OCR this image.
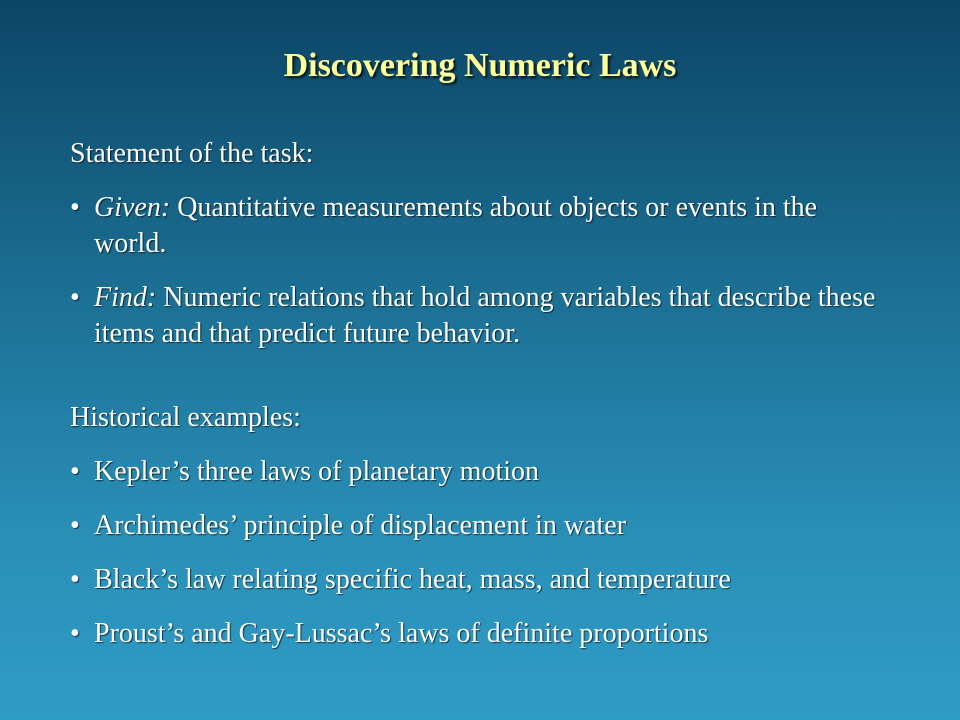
Discovering Numeric Laws

Statement of the task:

• Given: Quantitative measurements about objects or events in the world.

• Find: Numeric relations that hold among variables that describe these items and that predict future behavior.

Historical examples:

• Kepler’s three laws of planetary motion

• Archimedes’ principle of displacement in water

• Black’s law relating specific heat, mass, and temperature

• Proust’s and Gay-Lussac’s laws of definite proportions
